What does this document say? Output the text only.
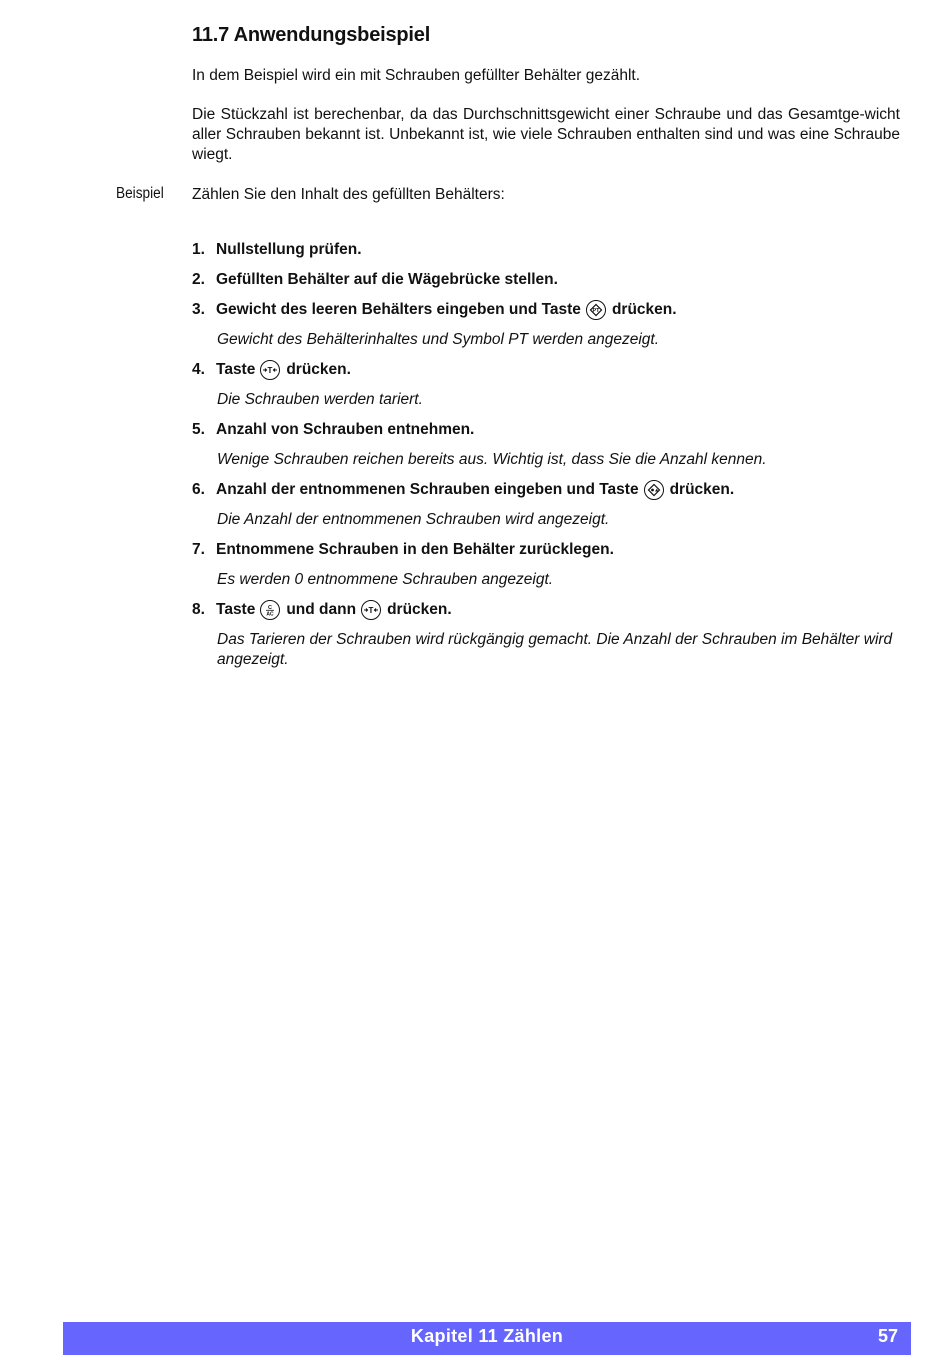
11.7 Anwendungsbeispiel
In dem Beispiel wird ein mit Schrauben gefüllter Behälter gezählt.
Die Stückzahl ist berechenbar, da das Durchschnittsgewicht einer Schraube und das Gesamtge-wicht aller Schrauben bekannt ist. Unbekannt ist, wie viele Schrauben enthalten sind und was eine Schraube wiegt.
Beispiel Zählen Sie den Inhalt des gefüllten Behälters:
1. Nullstellung prüfen.
2. Gefüllten Behälter auf die Wägebrücke stellen.
3. Gewicht des leeren Behälters eingeben und Taste PT drücken.
Gewicht des Behälterinhaltes und Symbol PT werden angezeigt.
4. Taste T drücken.
Die Schrauben werden tariert.
5. Anzahl von Schrauben entnehmen.
Wenige Schrauben reichen bereits aus. Wichtig ist, dass Sie die Anzahl kennen.
6. Anzahl der entnommenen Schrauben eingeben und Taste drücken.
Die Anzahl der entnommenen Schrauben wird angezeigt.
7. Entnommene Schrauben in den Behälter zurücklegen.
Es werden 0 entnommene Schrauben angezeigt.
8. Taste C
AC und dann T drücken.
Das Tarieren der Schrauben wird rückgängig gemacht. Die Anzahl der Schrauben im Behälter wird angezeigt.
Kapitel 11 Zählen	57
